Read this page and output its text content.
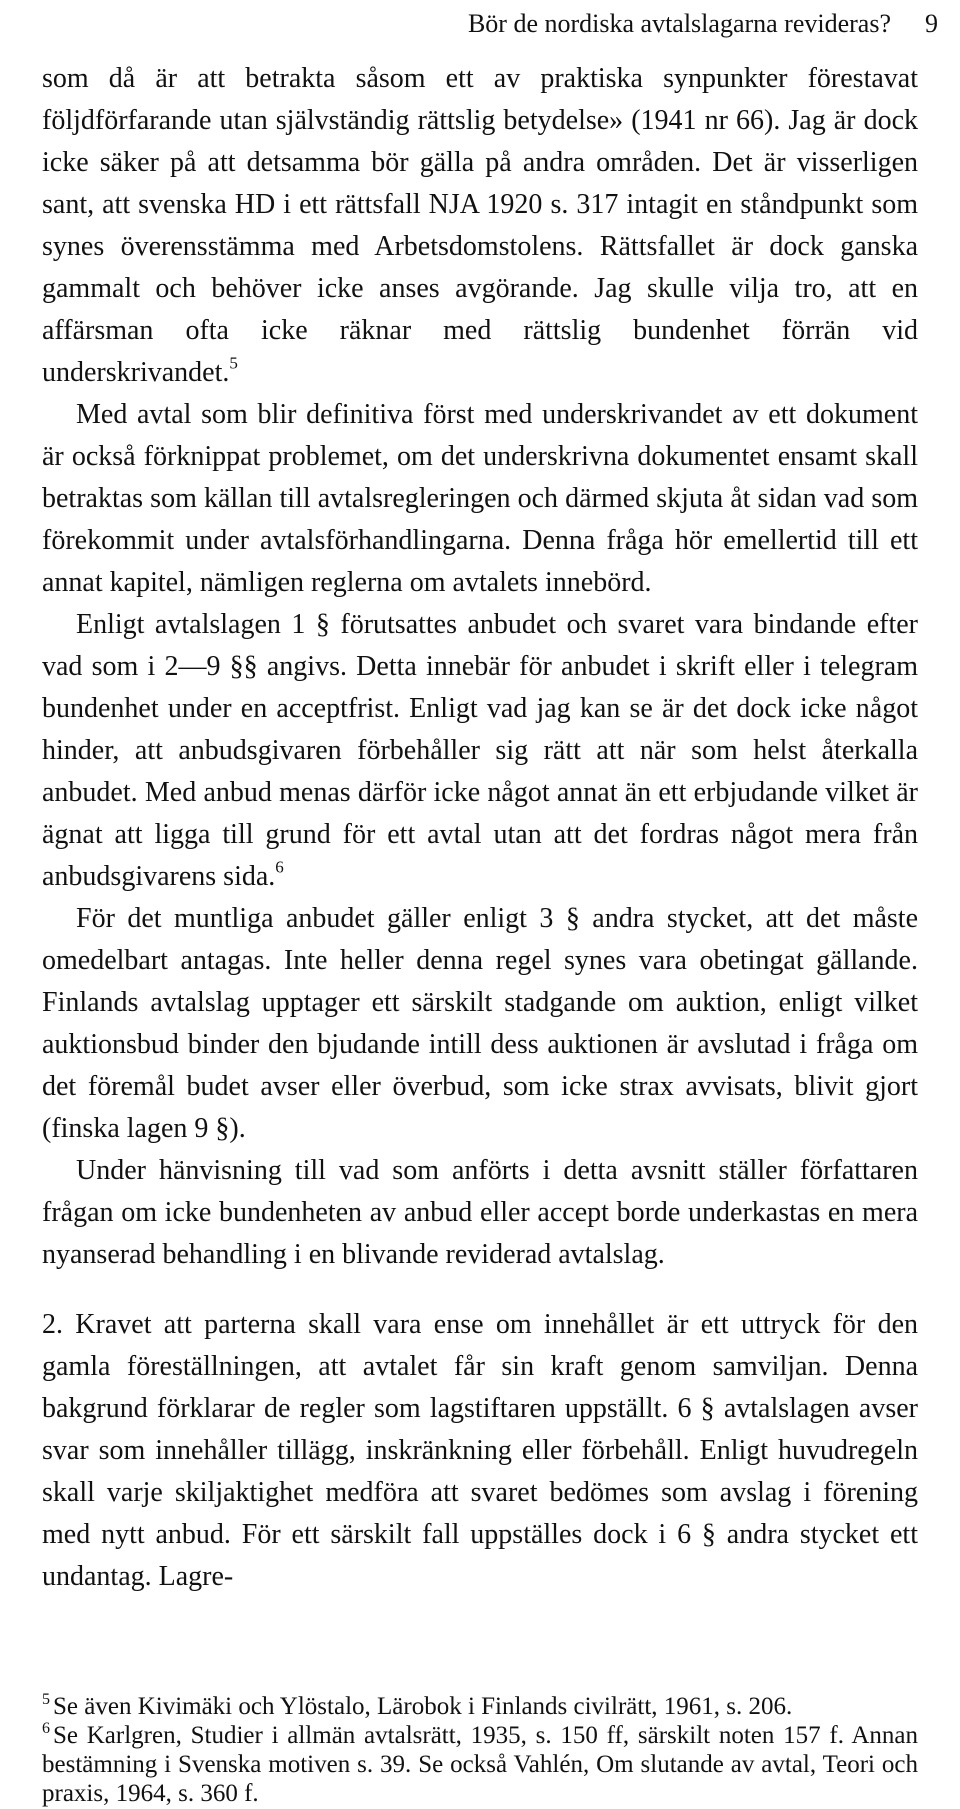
Bör de nordiska avtalslagarna revideras? 9

som då är att betrakta såsom ett av praktiska synpunkter förestavat följdförfarande utan självständig rättslig betydelse» (1941 nr 66). Jag är dock icke säker på att detsamma bör gälla på andra områden. Det är visserligen sant, att svenska HD i ett rättsfall NJA 1920 s. 317 intagit en ståndpunkt som synes överensstämma med Arbetsdomstolens. Rättsfallet är dock ganska gammalt och behöver icke anses avgörande. Jag skulle vilja tro, att en affärsman ofta icke räknar med rättslig bundenhet förrän vid underskrivandet.$^5$

Med avtal som blir definitiva först med underskrivandet av ett dokument är också förknippat problemet, om det underskrivna dokumentet ensamt skall betraktas som källan till avtalsregleringen och därmed skjuta åt sidan vad som förekommit under avtalsförhandlingarna. Denna fråga hör emellertid till ett annat kapitel, nämligen reglerna om avtalets innebörd.

Enligt avtalslagen 1 § förutsattes anbudet och svaret vara bindande efter vad som i 2—9 §§ angivs. Detta innebär för anbudet i skrift eller i telegram bundenhet under en acceptfrist. Enligt vad jag kan se är det dock icke något hinder, att anbudsgivaren förbehåller sig rätt att när som helst återkalla anbudet. Med anbud menas därför icke något annat än ett erbjudande vilket är ägnat att ligga till grund för ett avtal utan att det fordras något mera från anbudsgivarens sida.$^6$

För det muntliga anbudet gäller enligt 3 § andra stycket, att det måste omedelbart antagas. Inte heller denna regel synes vara obetingat gällande. Finlands avtalslag upptager ett särskilt stadgande om auktion, enligt vilket auktionsbud binder den bjudande intill dess auktionen är avslutad i fråga om det föremål budet avser eller överbud, som icke strax avvisats, blivit gjort (finska lagen 9 §).

Under hänvisning till vad som anförts i detta avsnitt ställer författaren frågan om icke bundenheten av anbud eller accept borde underkastas en mera nyanserad behandling i en blivande reviderad avtalslag.

2. Kravet att parterna skall vara ense om innehållet är ett uttryck för den gamla föreställningen, att avtalet får sin kraft genom samviljan. Denna bakgrund förklarar de regler som lagstiftaren uppställt. 6 § avtalslagen avser svar som innehåller tillägg, inskränkning eller förbehåll. Enligt huvudregeln skall varje skiljaktighet medföra att svaret bedömes som avslag i förening med nytt anbud. För ett särskilt fall uppställes dock i 6 § andra stycket ett undantag. Lagre-

$^5$ Se även Kivimäki och Ylöstalo, Lärobok i Finlands civilrätt, 1961, s. 206.

$^6$ Se Karlgren, Studier i allmän avtalsrätt, 1935, s. 150 ff, särskilt noten 157 f. Annan bestämning i Svenska motiven s. 39. Se också Vahlén, Om slutande av avtal, Teori och praxis, 1964, s. 360 f.
